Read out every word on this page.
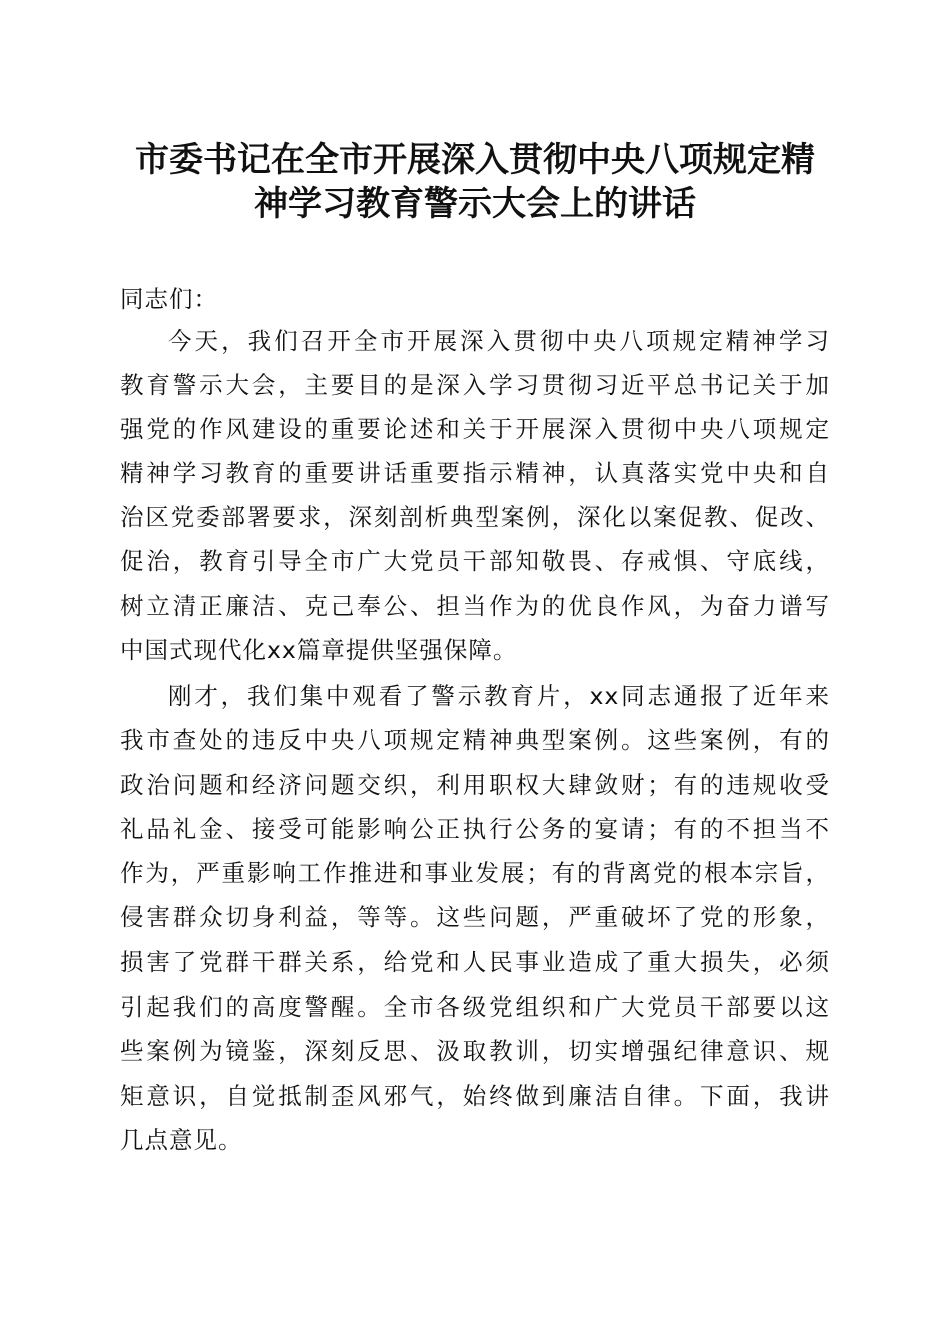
市委书记在全市开展深入贯彻中央八项规定精
神学习教育警示大会上的讲话

同志们：

今天，我们召开全市开展深入贯彻中央八项规定精神学习

教育警示大会，主要目的是深入学习贯彻习近平总书记关于加

强党的作风建设的重要论述和关于开展深入贯彻中央八项规定

精神学习教育的重要讲话重要指示精神，认真落实党中央和自

治区党委部署要求，深刻剖析典型案例，深化以案促教、促改、

促治，教育引导全市广大党员干部知敬畏、存戒惧、守底线，

树立清正廉洁、克己奉公、担当作为的优良作风，为奋力谱写

中国式现代化xx篇章提供坚强保障。

刚才，我们集中观看了警示教育片，xx同志通报了近年来

我市查处的违反中央八项规定精神典型案例。这些案例，有的

政治问题和经济问题交织，利用职权大肆敛财；有的违规收受

礼品礼金、接受可能影响公正执行公务的宴请；有的不担当不

作为，严重影响工作推进和事业发展；有的背离党的根本宗旨，

侵害群众切身利益，等等。这些问题，严重破坏了党的形象，

损害了党群干群关系，给党和人民事业造成了重大损失，必须

引起我们的高度警醒。全市各级党组织和广大党员干部要以这

些案例为镜鉴，深刻反思、汲取教训，切实增强纪律意识、规

矩意识，自觉抵制歪风邪气，始终做到廉洁自律。下面，我讲

几点意见。
